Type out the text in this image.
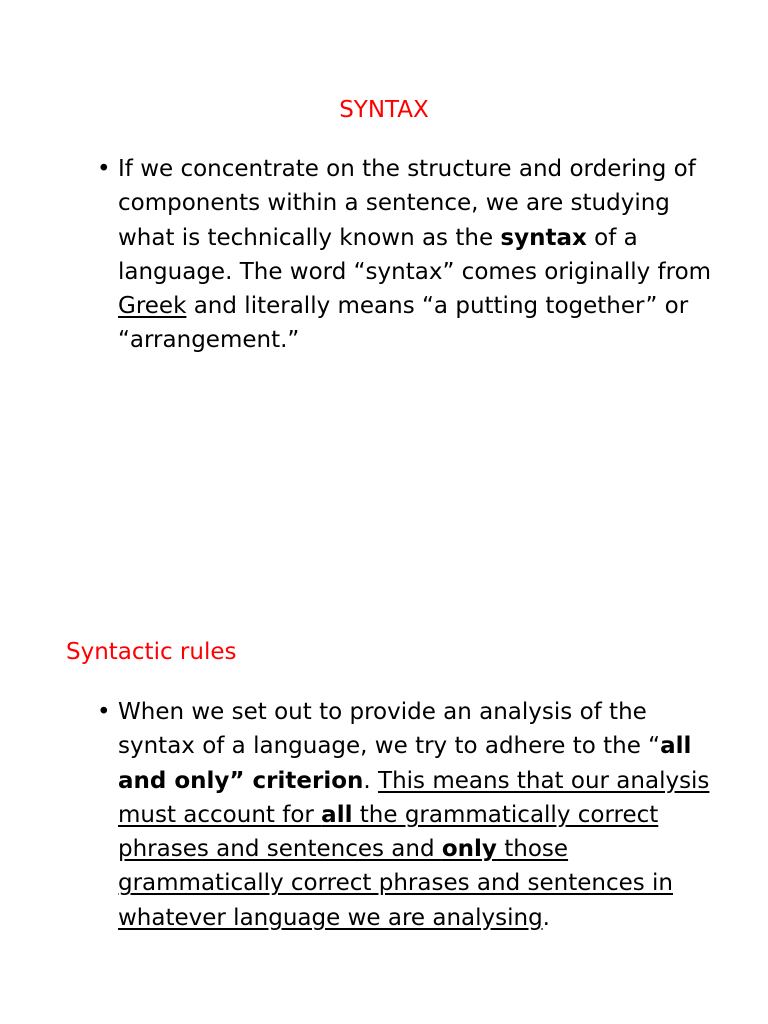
SYNTAX
• If we concentrate on the structure and ordering of components within a sentence, we are studying what is technically known as the syntax of a language. The word “syntax” comes originally from Greek and literally means “a putting together” or “arrangement.”
Syntactic rules
• When we set out to provide an analysis of the syntax of a language, we try to adhere to the “all and only” criterion. This means that our analysis must account for all the grammatically correct phrases and sentences and only those grammatically correct phrases and sentences in whatever language we are analysing.
